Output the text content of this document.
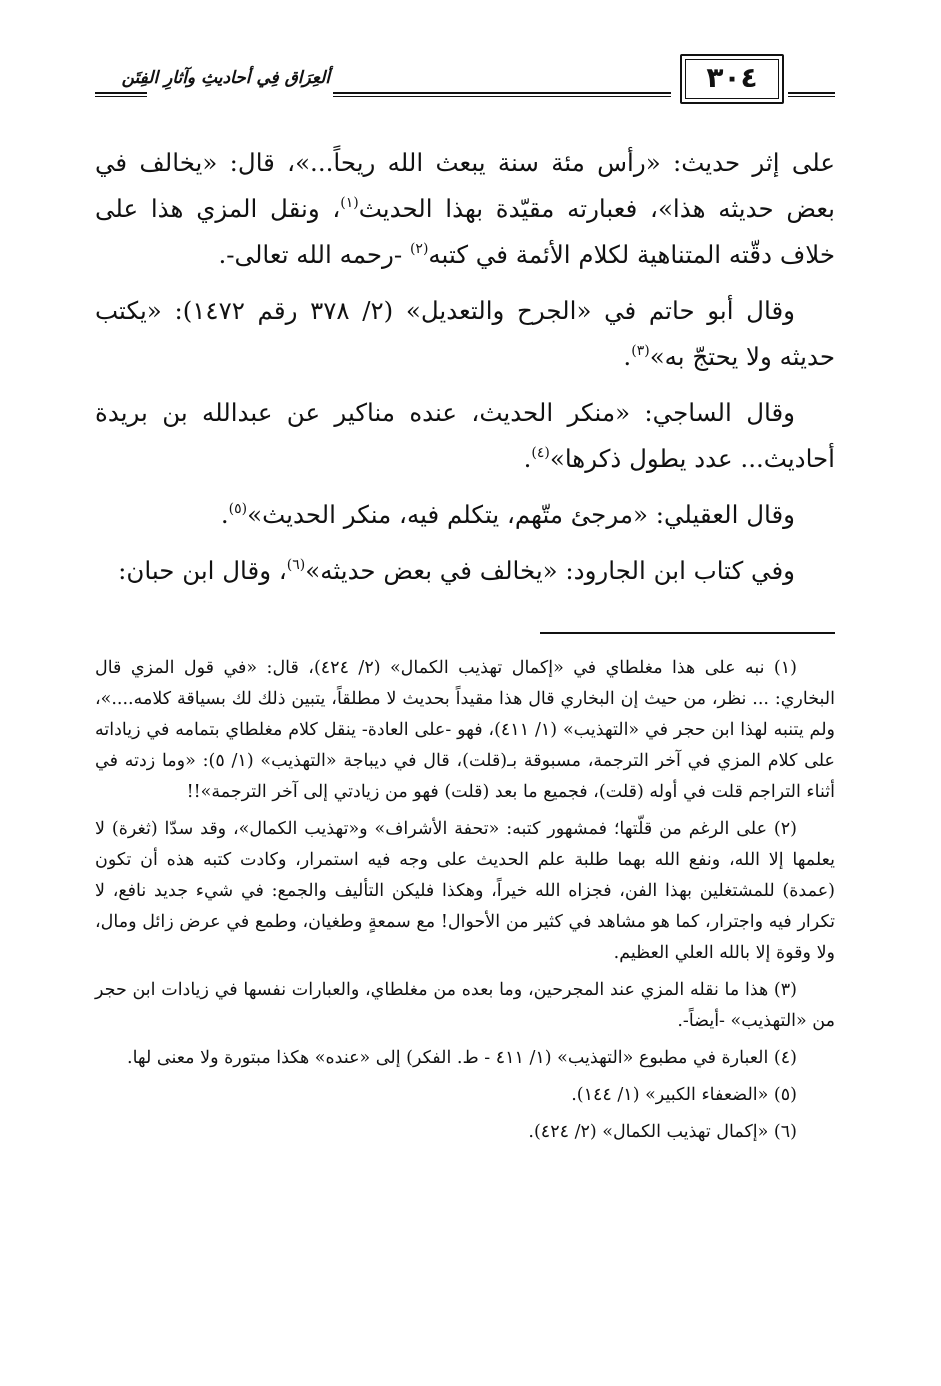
ألعِرَاق فِي أحاديثِ وآثارِ الفِتَن	٣٠٤

على إثر حديث: «رأس مئة سنة يبعث الله ريحاً...»، قال: «يخالف في بعض حديثه هذا»، فعبارته مقيّدة بهذا الحديث$^{(١)}$، ونقل المزي هذا على خلاف دقّته المتناهية لكلام الأئمة في كتبه$^{(٢)}$ -رحمه الله تعالى-.

وقال أبو حاتم في «الجرح والتعديل» (٢/ ٣٧٨ رقم ١٤٧٢): «يكتب حديثه ولا يحتجّ به»$^{(٣)}$.

وقال الساجي: «منكر الحديث، عنده مناكير عن عبدالله بن بريدة أحاديث... عدد يطول ذكرها»$^{(٤)}$.

وقال العقيلي: «مرجئ متّهم، يتكلم فيه، منكر الحديث»$^{(٥)}$.

وفي كتاب ابن الجارود: «يخالف في بعض حديثه»$^{(٦)}$، وقال ابن حبان:

(١) نبه على هذا مغلطاي في «إكمال تهذيب الكمال» (٢/ ٤٢٤)، قال: «في قول المزي قال البخاري: ... نظر، من حيث إن البخاري قال هذا مقيداً بحديث لا مطلقاً، يتبين ذلك لك بسياقة كلامه....»، ولم يتنبه لهذا ابن حجر في «التهذيب» (١/ ٤١١)، فهو -على العادة- ينقل كلام مغلطاي بتمامه في زياداته على كلام المزي في آخر الترجمة، مسبوقة بـ(قلت)، قال في ديباجة «التهذيب» (١/ ٥): «وما زدته في أثناء التراجم قلت في أوله (قلت)، فجميع ما بعد (قلت) فهو من زيادتي إلى آخر الترجمة»!!

(٢) على الرغم من قلّتها؛ فمشهور كتبه: «تحفة الأشراف» و«تهذيب الكمال»، وقد سدّا (ثغرة) لا يعلمها إلا الله، ونفع الله بهما طلبة علم الحديث على وجه فيه استمرار، وكادت كتبه هذه أن تكون (عمدة) للمشتغلين بهذا الفن، فجزاه الله خيراً، وهكذا فليكن التأليف والجمع: في شيء جديد نافع، لا تكرار فيه واجترار، كما هو مشاهد في كثير من الأحوال! مع سمعةٍ وطغيان، وطمع في عرض زائل ومال، ولا وقوة إلا بالله العلي العظيم.

(٣) هذا ما نقله المزي عند المجرحين، وما بعده من مغلطاي، والعبارات نفسها في زيادات ابن حجر من «التهذيب» -أيضاً-.

(٤) العبارة في مطبوع «التهذيب» (١/ ٤١١ - ط. الفكر) إلى «عنده» هكذا مبتورة ولا معنى لها.

(٥) «الضعفاء الكبير» (١/ ١٤٤).

(٦) «إكمال تهذيب الكمال» (٢/ ٤٢٤).
